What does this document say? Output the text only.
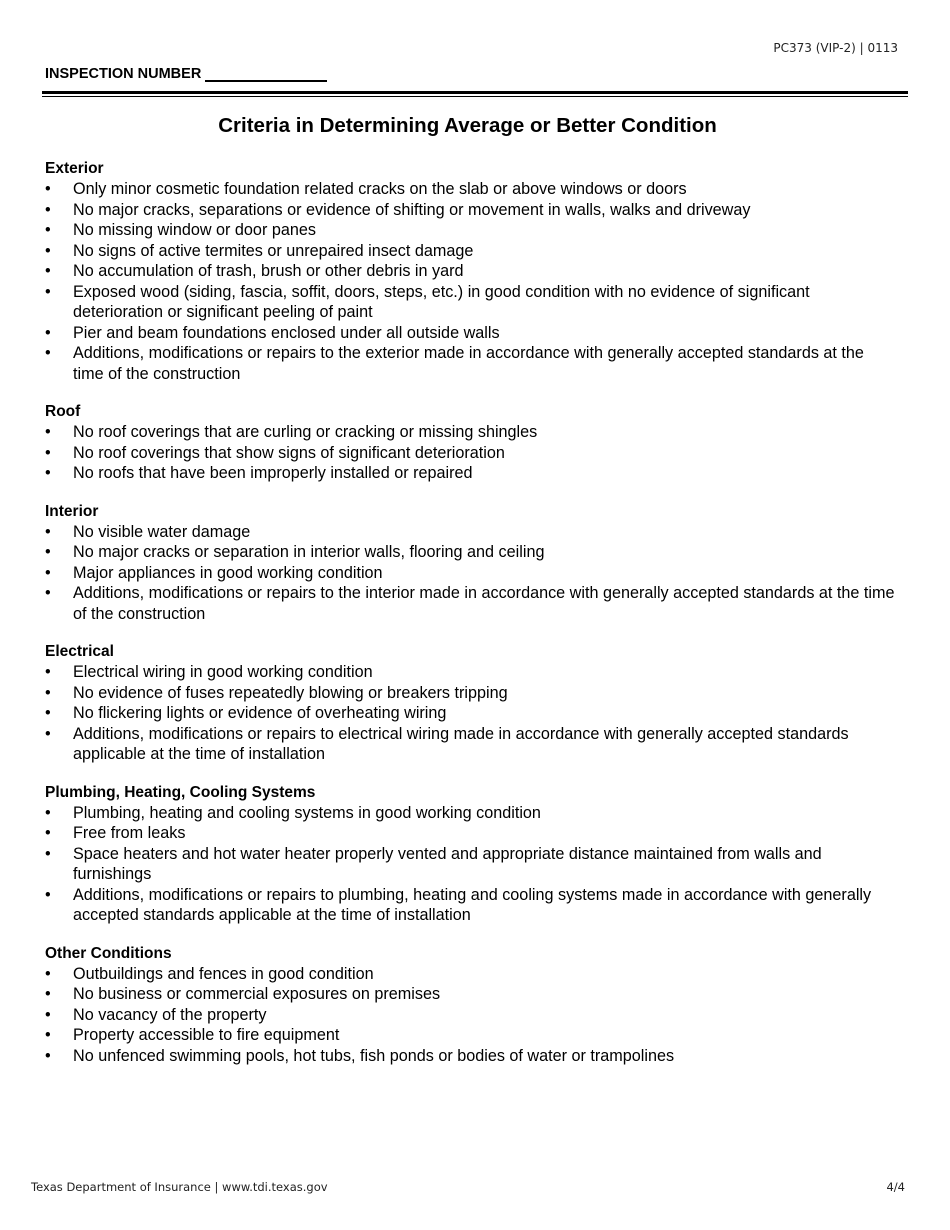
PC373 (VIP-2) | 0113
INSPECTION NUMBER
Criteria in Determining Average or Better Condition
Exterior
• Only minor cosmetic foundation related cracks on the slab or above windows or doors
• No major cracks, separations or evidence of shifting or movement in walls, walks and driveway
• No missing window or door panes
• No signs of active termites or unrepaired insect damage
• No accumulation of trash, brush or other debris in yard
• Exposed wood (siding, fascia, soffit, doors, steps, etc.) in good condition with no evidence of significant deterioration or significant peeling of paint
• Pier and beam foundations enclosed under all outside walls
• Additions, modifications or repairs to the exterior made in accordance with generally accepted standards at the time of the construction
Roof
• No roof coverings that are curling or cracking or missing shingles
• No roof coverings that show signs of significant deterioration
• No roofs that have been improperly installed or repaired
Interior
• No visible water damage
• No major cracks or separation in interior walls, flooring and ceiling
• Major appliances in good working condition
• Additions, modifications or repairs to the interior made in accordance with generally accepted standards at the time of the construction
Electrical
• Electrical wiring in good working condition
• No evidence of fuses repeatedly blowing or breakers tripping
• No flickering lights or evidence of overheating wiring
• Additions, modifications or repairs to electrical wiring made in accordance with generally accepted standards applicable at the time of installation
Plumbing, Heating, Cooling Systems
• Plumbing, heating and cooling systems in good working condition
• Free from leaks
• Space heaters and hot water heater properly vented and appropriate distance maintained from walls and furnishings
• Additions, modifications or repairs to plumbing, heating and cooling systems made in accordance with generally accepted standards applicable at the time of installation
Other Conditions
• Outbuildings and fences in good condition
• No business or commercial exposures on premises
• No vacancy of the property
• Property accessible to fire equipment
• No unfenced swimming pools, hot tubs, fish ponds or bodies of water or trampolines
Texas Department of Insurance | www.tdi.texas.gov	4/4
